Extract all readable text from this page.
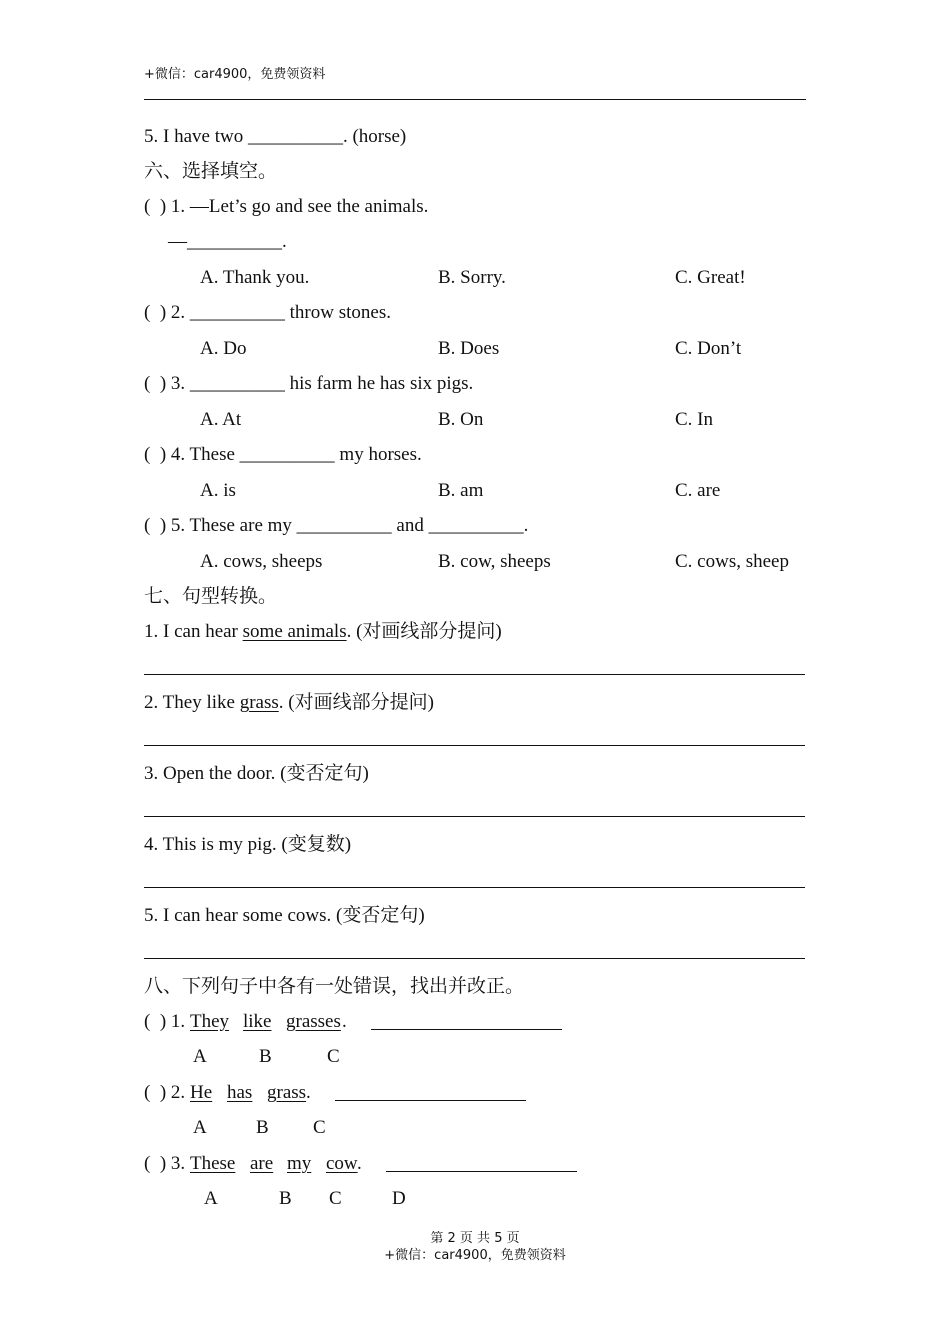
+微信：car4900，免费领资料
5. I have two __________. (horse)
六、选择填空。
(  ) 1. —Let’s go and see the animals.
—__________.
A. Thank you.	B. Sorry.	C. Great!
(  ) 2. __________ throw stones.
A. Do	B. Does	C. Don’t
(  ) 3. __________ his farm he has six pigs.
A. At	B. On	C. In
(  ) 4. These __________ my horses.
A. is	B. am	C. are
(  ) 5. These are my __________ and __________.
A. cows, sheeps	B. cow, sheeps	C. cows, sheep
七、句型转换。
1. I can hear some animals. (对画线部分提问)
2. They like grass. (对画线部分提问)
3. Open the door. (变否定句)
4. This is my pig. (变复数)
5. I can hear some cows. (变否定句)
八、下列句子中各有一处错误，找出并改正。
(  ) 1. They like grasses .
A	B	C
(  ) 2. He has grass .
A	B C
(  ) 3. These are my cow .
A	B C	D
第 2 页 共 5 页
+微信：car4900，免费领资料
